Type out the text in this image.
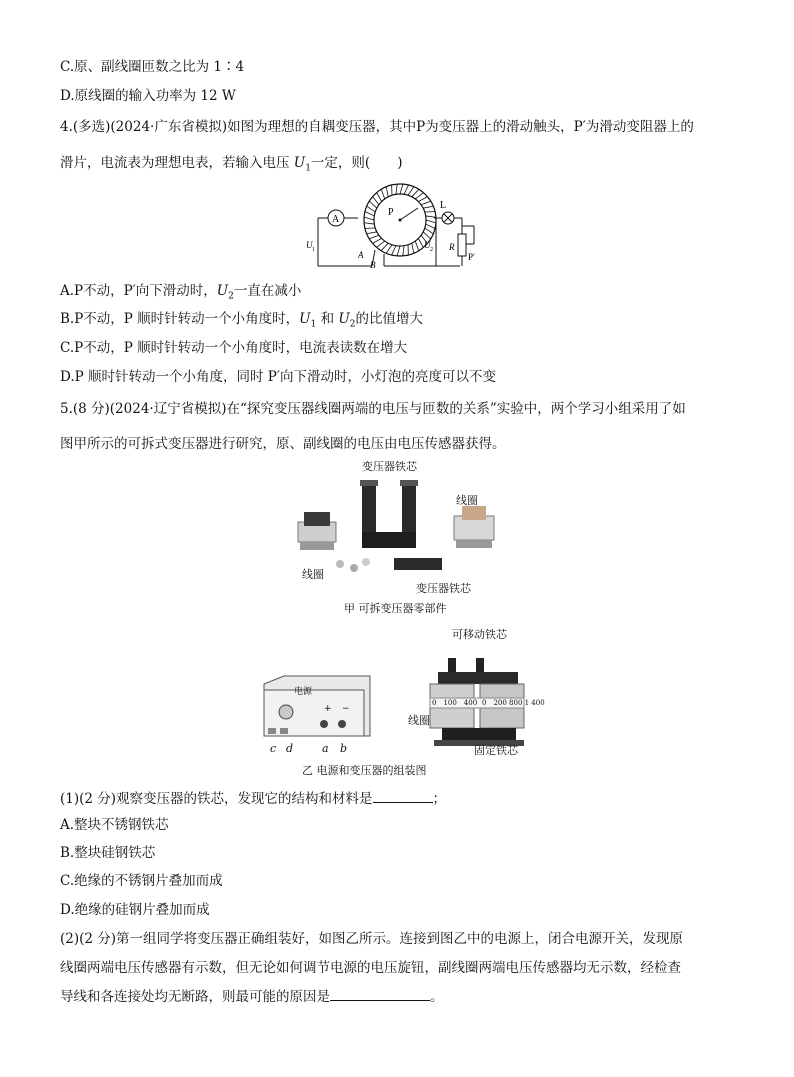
C.原、副线圈匝数之比为 1∶4
D.原线圈的输入功率为 12 W
4.(多选)(2024·广东省模拟)如图为理想的自耦变压器，其中P为变压器上的滑动触头，P′为滑动变阻器上的
滑片，电流表为理想电表，若输入电压 $U_1$一定，则(　　)
A
P
A
B
L
R
P′
U 1	U 2
A.P不动，P′向下滑动时，$U_2$一直在减小
B.P不动，P 顺时针转动一个小角度时，$U_1$ 和 $U_2$的比值增大
C.P不动，P 顺时针转动一个小角度时，电流表读数在增大
D.P 顺时针转动一个小角度，同时 P′向下滑动时，小灯泡的亮度可以不变
5.(8 分)(2024·辽宁省模拟)在“探究变压器线圈两端的电压与匝数的关系”实验中，两个学习小组采用了如
图甲所示的可拆式变压器进行研究，原、副线圈的电压由电压传感器获得。
变压器铁芯
线圈
线圈
变压器铁芯
甲 可拆变压器零部件
可移动铁芯
电源
+ −
0　100　400 0　200 800 1 400
线圈
c d	a b	固定铁芯
乙 电源和变压器的组装图
(1)(2 分)观察变压器的铁芯，发现它的结构和材料是	；
A.整块不锈钢铁芯
B.整块硅钢铁芯
C.绝缘的不锈钢片叠加而成
D.绝缘的硅钢片叠加而成
(2)(2 分)第一组同学将变压器正确组装好，如图乙所示。连接到图乙中的电源上，闭合电源开关，发现原
线圈两端电压传感器有示数，但无论如何调节电源的电压旋钮，副线圈两端电压传感器均无示数，经检查
导线和各连接处均无断路，则最可能的原因是	。
